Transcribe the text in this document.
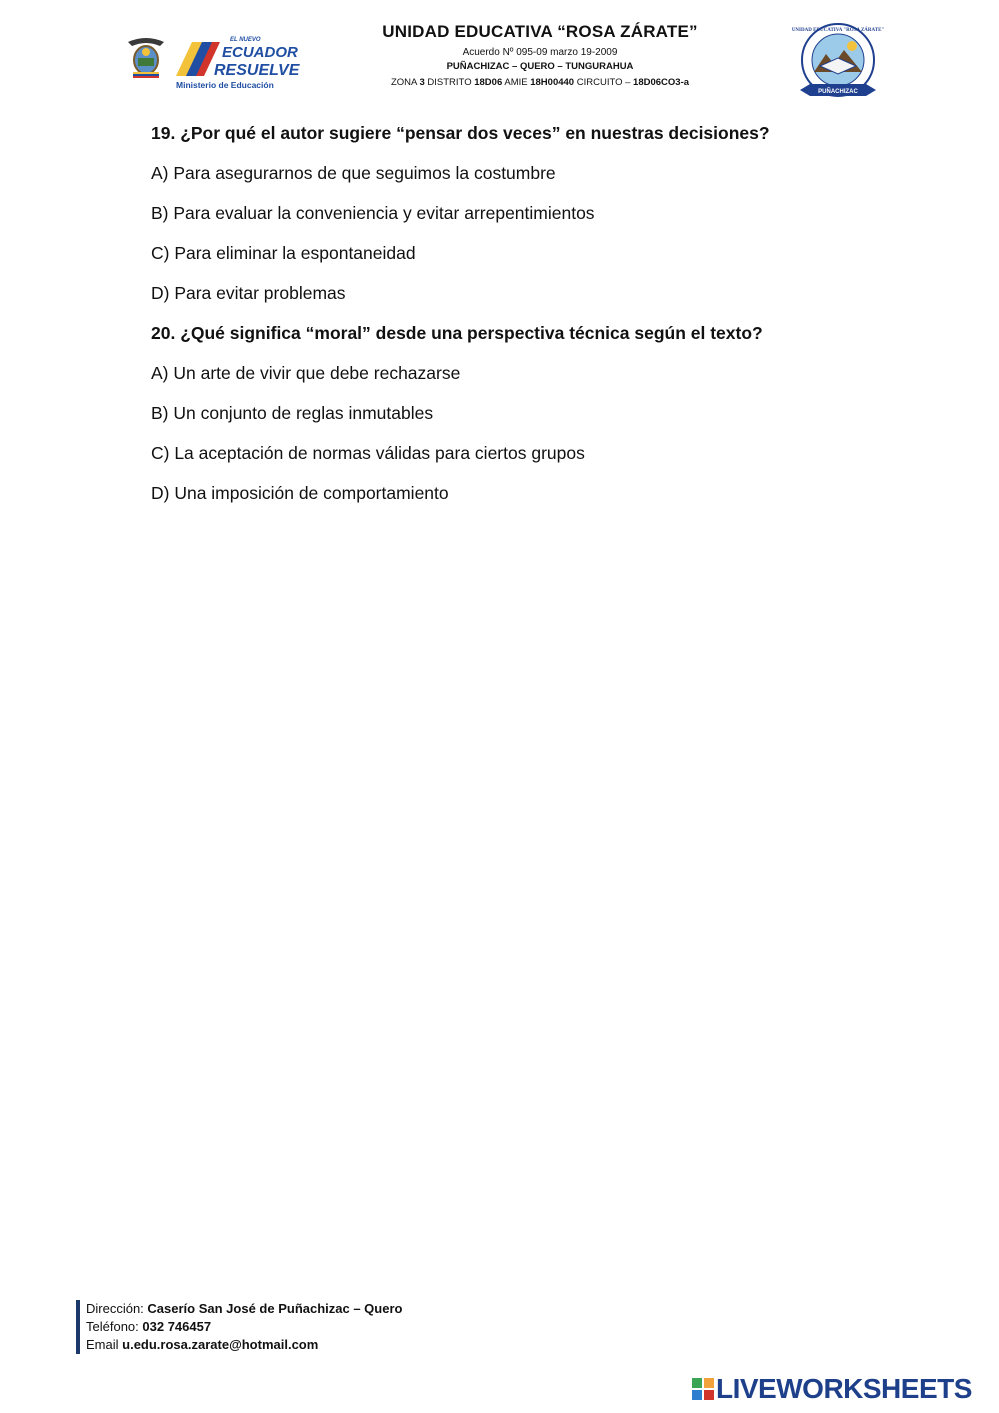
EL NUEVO
ECUADOR
RESUELVE
Ministerio de Educación
UNIDAD EDUCATIVA “ROSA ZÁRATE”
Acuerdo Nº 095-09 marzo 19-2009
PUÑACHIZAC – QUERO – TUNGURAHUA
ZONA 3 DISTRITO 18D06 AMIE 18H00440 CIRCUITO – 18D06CO3-a
PUÑACHIZAC
UNIDAD EDUCATIVA "ROSA ZÁRATE"

19. ¿Por qué el autor sugiere “pensar dos veces” en nuestras decisiones?

A) Para asegurarnos de que seguimos la costumbre

B) Para evaluar la conveniencia y evitar arrepentimientos

C) Para eliminar la espontaneidad

D) Para evitar problemas

20. ¿Qué significa “moral” desde una perspectiva técnica según el texto?

A) Un arte de vivir que debe rechazarse

B) Un conjunto de reglas inmutables

C) La aceptación de normas válidas para ciertos grupos

D) Una imposición de comportamiento

Dirección: Caserío San José de Puñachizac – Quero
Teléfono: 032 746457
Email u.edu.rosa.zarate@hotmail.com
LIVEWORKSHEETS
